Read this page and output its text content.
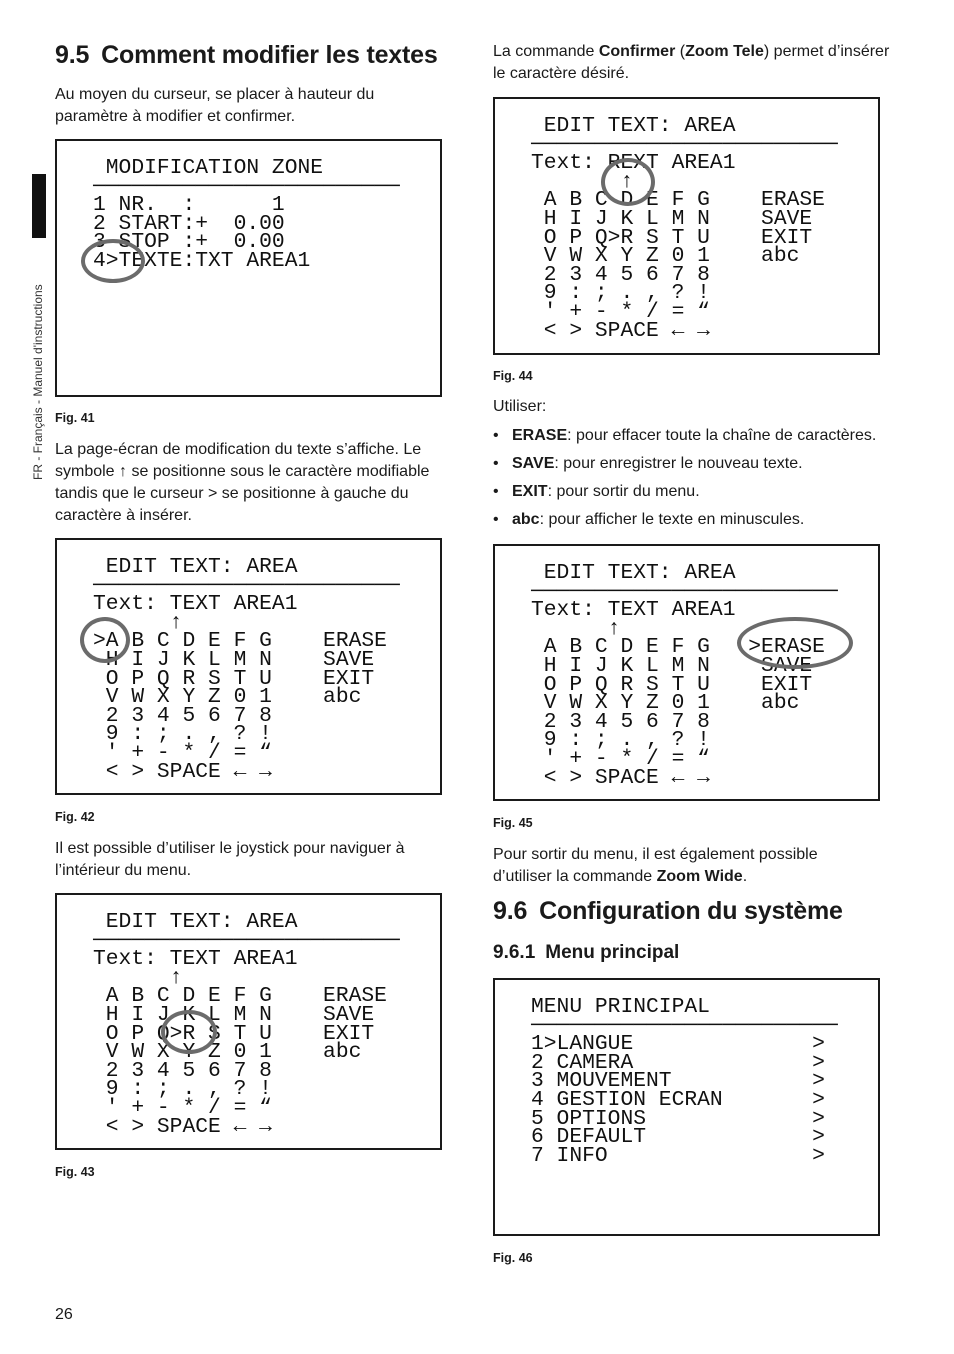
FR - Français - Manuel d'instructions
9.5 Comment modifier les textes

Au moyen du curseur, se placer à hauteur du paramètre à modifier et confirmer.

MODIFICATION ZONE
────────────────────────
1 NR.  :      1
2 START:+  0.00
3 STOP :+  0.00
4>TEXTE:TXT AREA1
Fig. 41

La page-écran de modification du texte s’affiche. Le symbole ↑ se positionne sous le caractère modifiable tandis que le curseur > se positionne à gauche du caractère à insérer.

EDIT TEXT: AREA
────────────────────────
Text: TEXT AREA1
↑
>A B C D E F G    ERASE
H I J K L M N    SAVE
O P Q R S T U    EXIT
V W X Y Z 0 1    abc
2 3 4 5 6 7 8
9 : ; . , ? !
' + - * / = “
< > SPACE ← →
Fig. 42

Il est possible d’utiliser le joystick pour naviguer à l’intérieur du menu.

EDIT TEXT: AREA
────────────────────────
Text: TEXT AREA1
↑
A B C D E F G    ERASE
H I J K L M N    SAVE
O P Q>R S T U    EXIT
V W X Y Z 0 1    abc
2 3 4 5 6 7 8
9 : ; . , ? !
' + - * / = “
< > SPACE ← →
Fig. 43
26

La commande Confirmer (Zoom Tele) permet d’insérer le caractère désiré.

EDIT TEXT: AREA
────────────────────────
Text: REXT AREA1
↑
A B C D E F G    ERASE
H I J K L M N    SAVE
O P Q>R S T U    EXIT
V W X Y Z 0 1    abc
2 3 4 5 6 7 8
9 : ; . , ? !
' + - * / = “
< > SPACE ← →
Fig. 44

Utiliser:

• ERASE: pour effacer toute la chaîne de caractères.
• SAVE: pour enregistrer le nouveau texte.
• EXIT: pour sortir du menu.
• abc: pour afficher le texte en minuscules.
EDIT TEXT: AREA
────────────────────────
Text: TEXT AREA1
↑
A B C D E F G   >ERASE
H I J K L M N    SAVE
O P Q R S T U    EXIT
V W X Y Z 0 1    abc
2 3 4 5 6 7 8
9 : ; . , ? !
' + - * / = “
< > SPACE ← →
Fig. 45

Pour sortir du menu, il est également possible d’utiliser la commande Zoom Wide.

9.6 Configuration du système
9.6.1 Menu principal
MENU PRINCIPAL
────────────────────────
1>LANGUE              >
2 CAMERA              >
3 MOUVEMENT           >
4 GESTION ECRAN       >
5 OPTIONS             >
6 DEFAULT             >
7 INFO                >
Fig. 46
